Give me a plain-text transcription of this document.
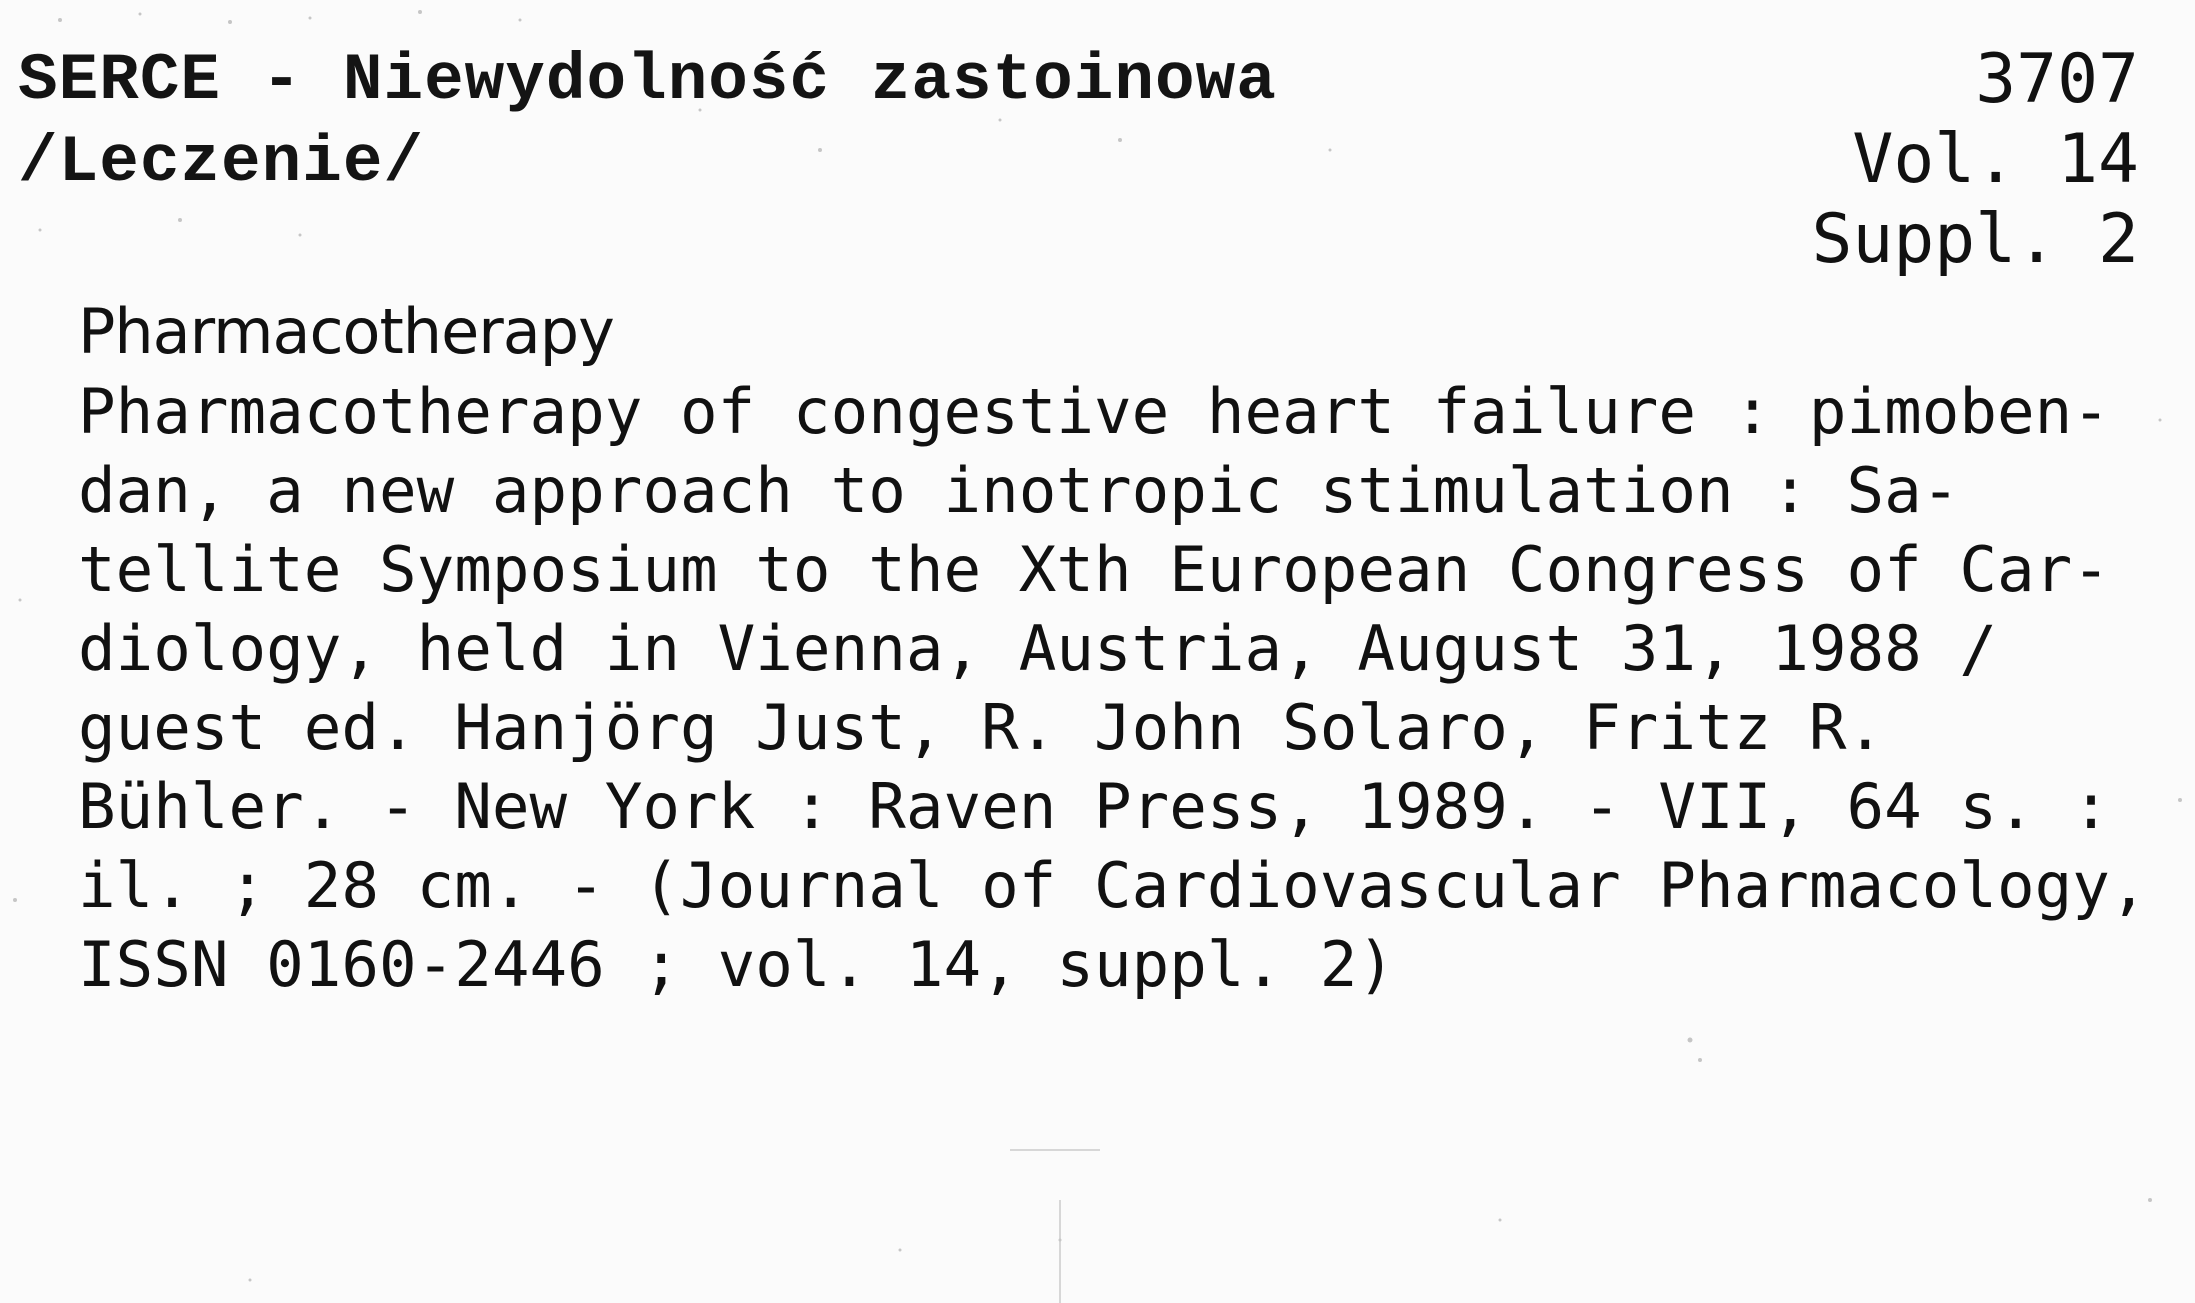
SERCE - Niewydolność zastoinowa
/Leczenie/
3707
Vol. 14
Suppl. 2
Pharmacotherapy
Pharmacotherapy of congestive heart failure : pimoben-
dan, a new approach to inotropic stimulation : Sa-
tellite Symposium to the Xth European Congress of Car-
diology, held in Vienna, Austria, August 31, 1988 /
guest ed. Hanjörg Just, R. John Solaro, Fritz R.
Bühler. - New York : Raven Press, 1989. - VII, 64 s. :
il. ; 28 cm. - (Journal of Cardiovascular Pharmacology,
ISSN 0160-2446 ; vol. 14, suppl. 2)
